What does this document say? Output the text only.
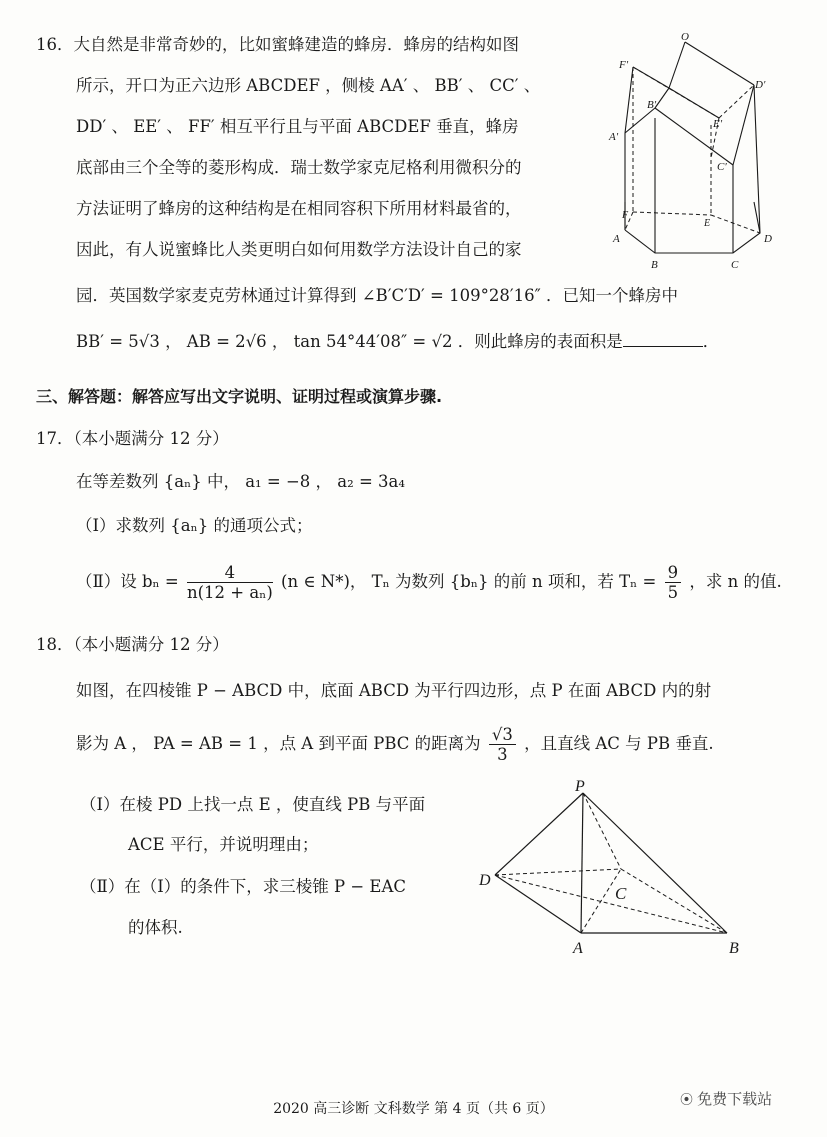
16．大自然是非常奇妙的，比如蜜蜂建造的蜂房．蜂房的结构如图
所示，开口为正六边形 ABCDEF ，侧棱 AA′ 、 BB′ 、 CC′ 、
DD′ 、 EE′ 、 FF′ 相互平行且与平面 ABCDEF 垂直，蜂房
底部由三个全等的菱形构成．瑞士数学家克尼格利用微积分的
方法证明了蜂房的这种结构是在相同容积下所用材料最省的，
因此，有人说蜜蜂比人类更明白如何用数学方法设计自己的家
园．英国数学家麦克劳林通过计算得到 ∠B′C′D′ = 109°28′16″ ．已知一个蜂房中
BB′ = 5√3 ， AB = 2√6 ， tan 54°44′08″ = √2 ．则此蜂房的表面积是	．
O
F′
D′
B′
E′
A′
C′
F
E
A	D
B	C
三、解答题：解答应写出文字说明、证明过程或演算步骤.
17．（本小题满分 12 分）
在等差数列 {aₙ} 中， a₁ = −8 ， a₂ = 3a₄
（Ⅰ）求数列 {aₙ} 的通项公式；
（Ⅱ）设 $b_n = \frac{4}{\text{n(12 + aₙ)}} (n$ ∈ N*)， Tₙ 为数列 {bₙ} 的前 n 项和，若 $T_n = \frac{9}{5}$ ，求 n 的值.
18．（本小题满分 12 分）
如图，在四棱锥 P − ABCD 中，底面 ABCD 为平行四边形，点 P 在面 ABCD 内的射
影为 A ， PA = AB = 1 ，点 A 到平面 PBC 的距离为 $\frac{√3}{3}$ ，且直线 AC 与 PB 垂直.
（Ⅰ）在棱 PD 上找一点 E ，使直线 PB 与平面
ACE 平行，并说明理由；
（Ⅱ）在（Ⅰ）的条件下，求三棱锥 P − EAC
的体积.
P
D
C
A	B
2020 高三诊断 文科数学 第 4 页（共 6 页）
⦿ 免费下载站
